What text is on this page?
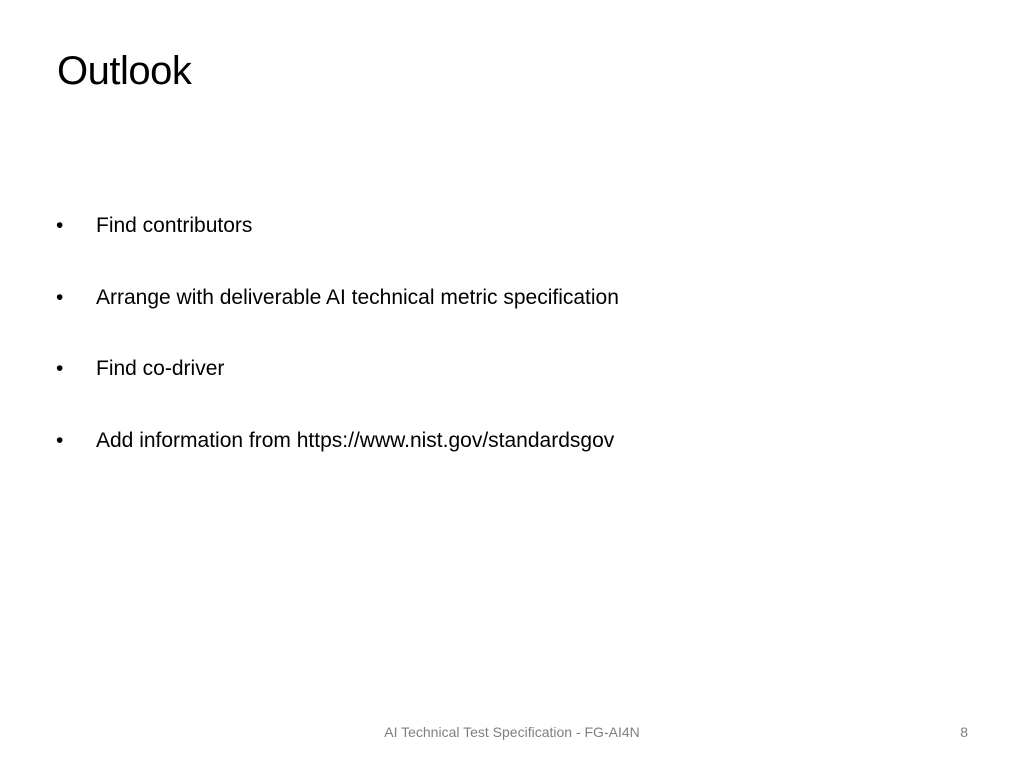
Outlook
•	Find contributors
•	Arrange with deliverable AI technical metric specification
•	Find co-driver
•	Add information from https://www.nist.gov/standardsgov
AI Technical Test Specification - FG-AI4N	8
